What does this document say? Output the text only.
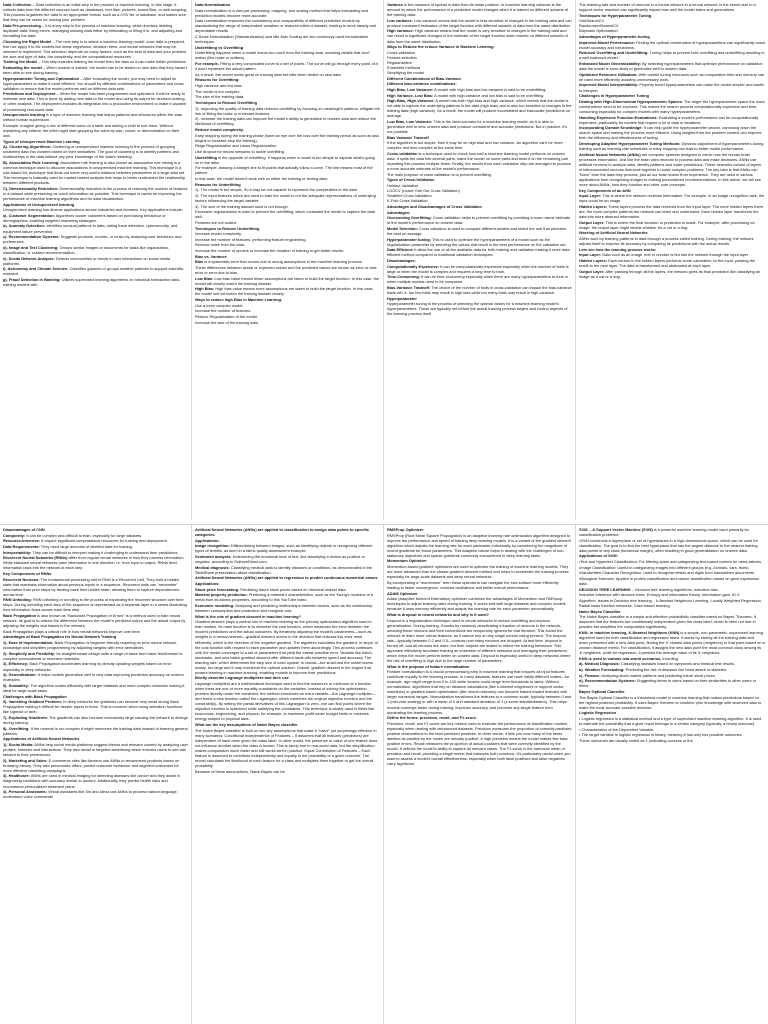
Data Collection – Data collection is an initial step in the process of machine learning. In this stage, it collects data from the different sources such as databases, text files, pictures, sound files, or web scraping. This process organizes the data in an appropriate format, such as a CSV file or database, and makes sure that they can be useful for solving your problem.

Data Pre-processing – It is a key step in the process of machine learning, which involves deleting duplicate data, fixing errors, managing missing data either by eliminating or filling it in, and adjusting and formatting the data.

Choosing the Right Model – The next step is to select a machine learning model; once data is prepared, then we apply it to ML models like linear regression, decision trees, and neural networks that may be selected to implement. This selection depends on many factors, such as the kind of data and your problem, the size and type of data, the complexity, and the computational resources.

Training the Model – This step includes training the model from the data so it can make better predictions.

Evaluating the model – When module is trained, the model has to be tested on new data that they haven't been able to see during training.

Hyperparameter Tuning and Optimization – After evaluating the model, you may need to adjust its hyperparameters to make it more efficient. You should try different combinations of parameters and cross-validation to ensure that the model performs well on different data sets.

Predictions and Deployment – When the model has been programmed and optimized, it will be ready to estimate new data. This is done by adding new data to the model and using its output for decision-making or other analysis. The deployment includes its integration into a production environment to make it capable of processing real-world data.

Unsupervised learning is a type of machine learning that learns patterns and structures within the data without human supervision.

Example: Imagine giving a mix of different coins on a table and asking a child to sort them. Without explaining any criteria, the child might start grouping the coins by size, colour, or denomination on their own.

Types of Unsupervised Machine Learning

A). Clustering Algorithms: Clustering or unsupervised machine learning is the process of grouping unlabeled data into clusters based on their similarities. The goal of clustering is to identify patterns and relationships in the data without any prior knowledge of the data's meaning.

B). Association Rule Learning: Association rule learning is also known as association rule mining is a common technique used to discover associations in unsupervised machine learning. This technique is a rule-based ML technique that finds out some very useful relations between parameters of a large data set. This technique is basically used for market basket analysis that helps to better understand the relationship between different products.

C). Dimensionality Reduction: Dimensionality reduction is the process of reducing the number of features in a dataset while preserving as much information as possible. This technique is useful for improving the performance of machine learning algorithms and for data visualization.

Applications of Unsupervised learning

Unsupervised learning has diverse applications across industries and domains. Key applications include:

a). Customer Segmentation: Algorithms cluster customers based on purchasing behaviour or demographics, enabling targeted marketing strategies.

b). Anomaly Detection: Identifies unusual patterns in data, aiding fraud detection, cybersecurity, and equipment failure prevention.

c). Recommendation Systems: Suggests products, movies, or music by analysing user behaviour and preferences.

d). Image and Text Clustering: Groups similar images or documents for tasks like organization, classification, or content recommendation.

e). Social Network Analysis: Detects communities or trends in user interactions on social media platforms.

f). Astronomy and Climate Science: Classifies galaxies or groups weather patterns to support scientific research.

g). Fraud Detection in Banking: Utilizes supervised learning algorithms on historical transaction data, training models with

Data Normalization

Data normalization is a vital pre-processing, mapping, and scaling method that helps forecasting and prediction models become more accurate.

Data normalization improves the consistency and comparability of different predictive models by standardizing the range of independent variables or features within a dataset, leading to more steady and dependable results.

Z-Score Normalization (Standardization) and Min-Max Scaling are two commonly used normalization techniques.

Underfitting vs Overfitting

Underfitting happens when a model learns too much from the training data, including details that don't matter (like noise or outliers).

For example, Fitting a very complicated curve to a set of points. The curve will go through every point, but it won't represent the actual pattern.

As a result, the model works great on training data but fails when tested on new data.

Reasons for Overfitting:

High variance and low bias.

The model is too complex.

The size of the training data.

Techniques to Reduce Overfitting

1). Improving the quality of training data reduces overfitting by focusing on meaningful patterns, mitigate the risk of fitting the noise or irrelevant features.

2). Increase the training data can improve the model's ability to generalize to unseen data and reduce the likelihood of overfitting.

Reduce model complexity.

Early stopping during the training phase (have an eye over the loss over the training period as soon as loss begins to increase stop the training).

Ridge Regularization and Lasso Regularization.

Use dropout for neural networks to tackle overfitting.

Underfitting is the opposite of overfitting. It happens when a model is too simple to capture what's going on in the data.

For example, drawing a straight line to fit points that actually follow a curve. The line misses most of the pattern.

In this case, the model doesn't work well on either the training or testing data.

Reasons for Underfitting

1). The model is too simple, So it may be not capable to represent the complexities in the data.

2). The input features which are used to train the model is not the adequate representations of underlying factors influencing the target variable.

3). The size of the training dataset used is not enough.

Excessive regularization is used to prevent the overfitting, which constraint the model to capture the data well.

Features are not scaled.

Techniques to Reduce Underfitting

Increase model complexity.

Increase the number of features, performing feature engineering.

Remove noise from the data.

Increase the number of epochs or increase the duration of training to get better results.

Bias vs. Variance

Bias is a systematic error that occurs due to wrong assumptions in the machine learning process.

These differences between actual or expected values and the predicted values are known as error or bias error or error due to bias.

Low Bias: Low bias value means fewer assumptions are taken to build the target function. In this case, the model will closely match the training dataset.

High Bias: High bias value means more assumptions are taken to build the target function. In this case, the model will not match the training dataset closely.

Ways to reduce high Bias in Machine Learning:

Use a more complex model.

Increase the number of features.

Reduce Regularization of the model.

Increase the size of the training data.

Variance is the measure of spread in data from its mean position. In machine learning variance is the amount by which the performance of a predictive model changes when it is trained on different subsets of the training data.

Low variance: Low variance means that the model is less sensitive to changes in the training data and can produce consistent estimates of the target function with different subsets of data from the same distribution.

High variance: High variance means that the model is very sensitive to changes in the training data and can result in significant changes in the estimate of the target function when trained on different subsets of data from the same distribution.

Ways to Reduce the reduce Variance in Machine Learning:

Cross-validation
Feature selection
Regularization
Ensemble methods
Simplifying the model

Different Combinations of Bias-Variance

Different bias-variance combinations:

High Bias, Low Variance: A model with high bias and low variance is said to be underfitting.

High Variance, Low Bias: A model with high variance and low bias is said to be overfitting.

High-Bias, High-Variance: A model has both high bias and high variance, which means that the model is not able to capture the underlying patterns in the data (high bias) and is also too sensitive to changes in the training data (high variance). As a result, the model will produce inconsistent and inaccurate predictions on average.

Low Bias, Low Variance: This is the ideal scenario for a machine learning model, as it is able to generalize well to new, unseen data and produce consistent and accurate predictions. But in practice, it's not possible.

Bias Variance Tradeoff

If the algorithm is too simple, then it may be on high bias and low variance. An algorithm can't be more complex and less complex at the same time.

Cross-validation is a technique used to check how well a machine learning model performs on unseen data. It splits the data into several parts, trains the model on some parts and tests it on the remaining part repeating this process multiple times. Finally, the results from each validation step are averaged to produce a more accurate estimate of the model's performance.

The main purpose of cross validation is to prevent overfitting.

Types of Cross-Validation

Holdout Validation
LOOCV (Leave One Out Cross Validation)
Stratified Cross-Validation
K-Fold Cross Validation

Advantages and Disadvantages of Cross Validation

Advantages:

Overcoming Overfitting: Cross validation helps to prevent overfitting by providing a more robust estimate of the model's performance on unseen data.

Model Selection: Cross validation is used to compare different models and select the one that performs the best on average.

Hyperparameter tuning: This is used to optimize the hyperparameters of a model such as the regularization parameter by selecting the values that result in the best performance on the validation set.

Data Efficient: It allow the use of all the available data for both training and validation making it more data efficient method compared to traditional validation techniques.

Disadvantages:

Computationally Expensive: It can be computationally expensive especially when the number of folds is large or when the model is complex and requires a long time to train.

Time-Consuming: It can be time-consuming especially when there are many hyperparameters to tune or when multiple models need to be compared.

Bias-Variance Tradeoff: The choice of the number of folds in cross-validation can impact the bias-variance trade-off i.e. too few folds may result in high bias while too many folds may result in high variance.

Hyperparameter

Hyperparameter tuning is the process of selecting the optimal values for a machine learning model's hyperparameters. These are typically set before the actual training process begins and control aspects of the learning process itself.

The learning rate and number of neurons in a neural network in a neural network or the kernel size in a support vector machine can significantly impact how well the model trains and generalizes.

Techniques for Hyperparameter Tuning

GridSearchCV
RandomizedSearchCV
Bayesian Optimization

Advantages of Hyperparameter tuning

Improved Model Performance: Finding the optimal combination of hyperparameters can significantly boost model accuracy and robustness.

Reduced Overfitting and Underfitting: Tuning helps to prevent both overfitting and underfitting resulting in a well-balanced model.

Enhanced Model Generalizability: By selecting hyperparameters that optimize performance on validation data the model is more likely to generalize well to unseen data.

Optimized Resource Utilization: With careful tuning resources such as computation time and memory can be used more efficiently avoiding unnecessary work.

Improved Model Interpretability: Properly tuned hyperparameters can make the model simpler and easier to interpret.

Challenges in Hyperparameter Tuning

Dealing with High-Dimensional Hyperparameter Spaces: The larger the hyperparameter space the more combinations need to be explored. This makes the search process computationally expensive and time-consuming especially for complex models with many hyperparameters.

Handling Expensive Function Evaluations: Evaluating a model's performance can be computationally expensive, particularly for models that require a lot of data or iterations.

Incorporating Domain Knowledge: It can help guide the hyperparameter search, narrowing down the search space and making the process more efficient. Using insights from the problem context can improve both the efficiency and effectiveness of tuning.

Developing Adaptive Hyperparameter Tuning Methods: Dynamic adjustment of hyperparameters during training such as learning rate schedules or early stopping can lead to better model performance.

Artificial Neural Networks (ANNs) are computer systems designed to mimic how the human brain processes information. Just like the brain uses neurons to process data and make decisions, ANNs use artificial neurons to analyze data, identify patterns and make predictions. These networks consist of layers of interconnected neurons that work together to solve complex problems. The key idea is that ANNs can "learn" from the data they process, just as our brain learns from experience. They are used in various applications from recognizing images to making personalized recommendations. In this article, we will see more about ANNs, how they function and other core concepts.

Key Components of an ANN

Input Layer: This is where the network receives information. For example, in an image recognition task, the input could be an image.

Hidden Layers: These layers process the data received from the input layer. The more hidden layers there are, the more complex patterns the network can learn and understand. Each hidden layer transforms the data into more abstract information.

Output Layer: This is where the final decision or prediction is made. For example, after processing an image, the output layer might decide whether it's a cat or a dog.

Working of Artificial Neural Networks

ANNs work by learning patterns in data through a process called training. During training, the network adjusts itself to improve its accuracy by comparing its predictions with the actual results.

Lets see how the learning process works:

Input Layer: Data such as an image, text or number is fed into the network through the input layer.

Hidden Layers: Each neuron in the hidden layers performs some calculation on the input, passing the result to the next layer. The data is transformed and abstracted at each layer.

Output Layer: After passing through all the layers, the network gives its final prediction like classifying an image as a cat or a dog.

Disadvantages of CNN

Complexity: It can be complex and difficult to train, especially for large datasets.

Resource-Intensive: It require significant computational resources for training and deployment.

Data Requirements: They need large amounts of labelled data for training.

Interpretability: They can be difficult to interpret making it challenging to understand their predictions.

Recurrent Neural Networks (RNNs) differ from regular neural networks in how they process information. While standard neural networks pass information in one direction i.e. from input to output, RNNs feed information back into the network at each step.

Key Components of RNNs

Recurrent Neurons: The fundamental processing unit in RNN is a Recurrent Unit. They hold a hidden state that maintains information about previous inputs in a sequence. Recurrent units can "remember" information from prior steps by feeding back their hidden state, allowing them to capture dependencies across time.

RNN Unfolding: RNN unfolding or unrolling is the process of expanding the recurrent structure over time steps. During unfolding each step of the sequence is represented as a separate layer in a series illustrating how information flows across each time step.

Back Propagation is also known as "Backward Propagation of Errors" is a method used to train neural network. Its goal is to reduce the difference between the model's predicted output and the actual output by adjusting the weights and biases in the network.

Back Propagation plays a critical role in how neural networks improve over time.

Advantages of Back Propagation for Neural Network Training

1). Ease of Implementation: Back Propagation is beginner-friendly requiring no prior neural network knowledge and simplifies programming by adjusting weights with error derivatives.

2). Simplicity and Flexibility: Its straightforward design suits a range of tasks from basic feedforward to complex convolutional or recurrent networks.

3). Efficiency: Back Propagation accelerates learning by directly updating weights based on error especially in deep networks.

4). Generalization: It helps models generalize well to new data improving prediction accuracy on unseen examples.

5). Scalability: The algorithm scales efficiently with larger datasets and more complex networks making it ideal for large-scale tasks.

Challenges with Back Propagation

6). Vanishing Gradient Problem: In deep networks the gradients can become very small during Back Propagation making it difficult for deeper layers to learn. This is common when using activation functions like sigmoid or tanh.

7). Exploding Gradients: The gradients can also become excessively large causing the network to diverge during training.

8). Overfitting: If the network is too complex it might memorize the training data instead of learning general patterns.

Applications of Artificial Neural Networks

1). Social Media: ANNs help social media platforms suggest friends and relevant content by analyzing user profiles, interests and interactions. They also assist in targeted advertising which ensures users to see ads tailored to their preferences.

2). Marketing and Sales: E-commerce sites like Amazon use ANNs to recommend products based on browsing history. They also personalize offers, predict customer behaviour and segment customers for more effective marketing campaigns.

3). Healthcare: ANNs are used in medical imaging for detecting diseases like cancer and they assist in diagnosing conditions with accuracy similar to doctors. Additionally, they predict health risks and recommend personalized treatment plans.

4). Personal Assistants: Virtual assistants like Siri and Alexa use ANNs to process natural language, understand voice commands

Artificial Neural Networks (ANNs) are applied to classification to assign data points to specific categories.

Applications:

Image recognition: Differentiating between images, such as identifying objects or recognizing different types of textiles, as seen in a fabric quality assessment example.

Sentiment analysis: Determining the emotional tone of text, like classifying a review as positive or negative, according to ScienceDirect.com.

Medical diagnosis: Classifying medical data to identify diseases or conditions, as demonstrated in the SlideShare presentation about classification.

Artificial Neural Networks (ANNs) are applied to regression to predict continuous numerical values.

Applications:

Stock price forecasting: Predicting future stock prices based on historical market data.

Material property prediction: Predicting a material's characteristics, such as the Young's modulus of a metal from its atomic properties, according to this YouTube video.

Economic modelling: Analysing and predicting relationships between factors, such as the relationship between consumption and production and marginal cost.

What is the role of gradient descent in machine learning?

Gradient descent plays a central role in machine learning as the primary optimization algorithm used to train models. Its main function is to minimize the cost function, which measures the error between the model's predictions and the actual outcomes. By iteratively adjusting the model's parameters—such as weights in a neural network—gradient descent moves in the direction that reduces this error most efficiently, which is the direction of the negative gradient. The algorithm calculates the gradient, or slope, of the cost function with respect to each parameter and updates them accordingly. This process continues until the model converges to a set of parameters that yield the lowest possible error. Variants like batch, stochastic, and mini-batch gradient descent offer different trade-offs between speed and accuracy. The learning rate, which determines the step size of each update, is crucial—too small and the model learns slowly; too large and it may overshoot the optimal solution. Overall, gradient descent is the engine that powers learning in machine learning, enabling models to improve their predictions.

Briefly describe Lagrange multipliers and their use

Lagrange multipliers are a mathematical technique used to find the maximum or minimum of a function when there are one or more equality constraints on the variables. Instead of solving the optimization problem directly under the constraint, the method introduces an extra variable—the Lagrange multiplier—and forms a new function called the Lagrangian, which combines the original objective function and the constraint(s). By setting the partial derivatives of this Lagrangian to zero, one can find points where the objective function is optimized while satisfying the constraints. This technique is widely used in fields like economics, engineering, and physics; for example, to maximize profit under budget limits or minimize energy subject to physical laws.

What are the key assumptions of Naive Bayes classifier

The Naive Bayes classifier is built on two key assumptions that make it "naive" yet surprisingly effective in many scenarios: Conditional Independence of Features – It assumes that all features (predictors) are independent of each other given the class label. In other words, the presence or value of one feature does not influence another when the class is known. This is rarely true in real-world data, but the simplification makes computation much faster and still works well in practice. Equal Contribution of Features – Each feature is assumed to contribute independently and equally to the probability of a given outcome. The model calculates the likelihood of each feature for a class and multiplies them together to get the overall probability.

Because of these assumptions, Naive Bayes can be

RMSProp Optimizer

RMSProp (Root Mean Square Propagation) is an adaptive learning rate optimization algorithm designed to improve the performance and speed of training deep learning models. It is a variant of the gradient descent algorithm which adjusts the learning rate for each parameter individually by considering the magnitude of recent gradients for those parameters. This adaptive nature helps in dealing with the challenges of non-stationary objectives and sparse gradients commonly encountered in deep learning tasks.

Momentum Optimizer

Momentum-based gradient optimizers are used to optimize the training of machine learning models. They are more advanced than the classic gradient descent method and helps to accelerate the training process especially for large-scale datasets and deep neural networks.

By incorporating a "momentum" term these optimizers can navigate the loss surface more efficiently leading to faster convergence, reduced oscillations and better overall performance.

ADAM Optimizer

Adam (Adaptive Moment Estimation) optimizer combines the advantages of Momentum and RMSprop techniques to adjust learning rates during training. It works well with large datasets and complex models because it uses memory efficiently and adapts the learning rate for each parameter automatically.

What is dropout in neural networks and why is it used?

Dropout is a regularization technique used in neural networks to reduce overfitting and improve generalization. During training, it works by randomly deactivating a fraction of neurons in the network, meaning these neurons and their connections are temporarily ignored for that iteration. This forces the network to learn more robust features, as it cannot rely on any single neuron being present. The dropout rate—typically between 0.2 and 0.5—controls how many neurons are dropped. At test time, dropout is turned off, and all neurons are used, but their outputs are scaled to reflect the training behaviour. This approach effectively simulates training an ensemble of different networks and averaging their predictions, which helps the model perform better on unseen data. Dropout is especially useful in deep networks where the risk of overfitting is high due to the large number of parameters.

What is the purpose of feature normalization

Feature normalization is a crucial preprocessing step in machine learning that ensures all input features contribute equally to the learning process. In many datasets, features can have vastly different scales—for example, age might range from 0 to 100 while income could range from thousands to lakhs. Without normalization, algorithms that rely on distance calculations (like k-nearest neighbours or support vector machines) or gradient-based optimization (like neural networks) can become biased toward features with larger numerical ranges. Normalization transforms the features to a common scale, typically between 0 and 1 (min-max scaling) or with a mean of 0 and standard deviation of 1 (z-score standardization). This helps models converge faster during training, improves accuracy, and prevents any single feature from dominating the learning process.

Define the terms: precision, recall, and F1-score.

Precision, recall, and F1-score are key metrics used to evaluate the performance of classification models, especially when dealing with imbalanced datasets. Precision measures the proportion of correctly predicted positive observations to the total predicted positives. In other words, it tells you how many of the items labelled as positive by the model are actually positive. A high precision means the model makes few false positive errors. Recall measures the proportion of actual positives that were correctly identified by the model. It reflects the model's ability to capture all relevant cases. The F1-score is the harmonic mean of precision and recall, providing a single metric that balances both concerns. It's particularly useful when you want to assess a model's overall effectiveness, especially when both false positives and false negatives carry significant

SVM →A Support Vector Machine (SVM) is a powerful machine learning model used primarily for classification problems:

•SVM constructs a hyperplane or set of hyperplanes in a high-dimensional space, which can be used for classification. The goal is to find the best hyperplane that has the largest distance to the nearest training data points of any class (functional margin), often resulting in good generalization on unseen data.

Applications of SVM:

•Text and Hypertext Classification: For filtering spam and categorizing text-based content for news articles.

•Image Classification: Useful in categorizing images into different groups (e.g. Animals, cars, fruits).

•Handwritten Character Recognition: Used to recognize letters and digits from handwritten documents.

•Biological Sciences: Applied in protein classification and cancer classification based on gene expression data.

DECISION TREE LEARNING – Decision tree learning algorithms, Inductive bias.

Inductive inference with decision trees, Entropy and information theory, Information gain, ID-3

Algorithm, Issues in Decision tree learning. - k-Nearest Neighbour Learning, Locally Weighted Regression, Radial basis function networks, Case-based learning.

Naive Bayes Classifier

The Naive Bayes classifier is a simple and effective probabilistic classifier based on Bayes' Theorem. It assumes that the features are conditionally independent given the class label, which is often not true in practice but simplifies the computation significantly.

KNN- in machine learning, K-Nearest Neighbors (KNN) is a simple, non-parametric, supervised learning algorithm used for both classification and regression tasks. It works by storing all the training data and, when presented with a new data point, finding the 'k' closest data points (neighbors) to that point based on a chosen distance metric. For classification, it assigns the new data point the most common class among its 'k' neighbors, while for regression, it predicts the average value of its 'k' neighbors.

KNN is used in various real-world scenarios, including:

a). Medical Diagnosis: Classifying diseases based on symptoms and medical test results.

b). Weather Forecasting: Predicting the risk of diseases like heart attack or diabetes.

c). Finance: Analyzing stock market patterns and predicting future stock prices.

d). Recommendation Systems: Suggesting items to users based on their similarities to other users or items.

Bayes Optimal Classifier

The Bayes Optimal Classifier is a theoretical model in machine learning that makes predictions based on the highest posterior probability. It uses Bayes' theorem to combine prior knowledge with observed data to make the most accurate possible decision.

Logistic Regression

• Logistic regression is a statistical method and a type of supervised machine learning algorithm. It is used to estimate the probability that a given input belongs to a certain category (typically, a binary outcome).

• Characteristics of the Dependent Variable:

• The target variable in logistic regression is binary, meaning it has only two possible outcomes.

These outcomes are usually coded as 1 (indicating success or the
